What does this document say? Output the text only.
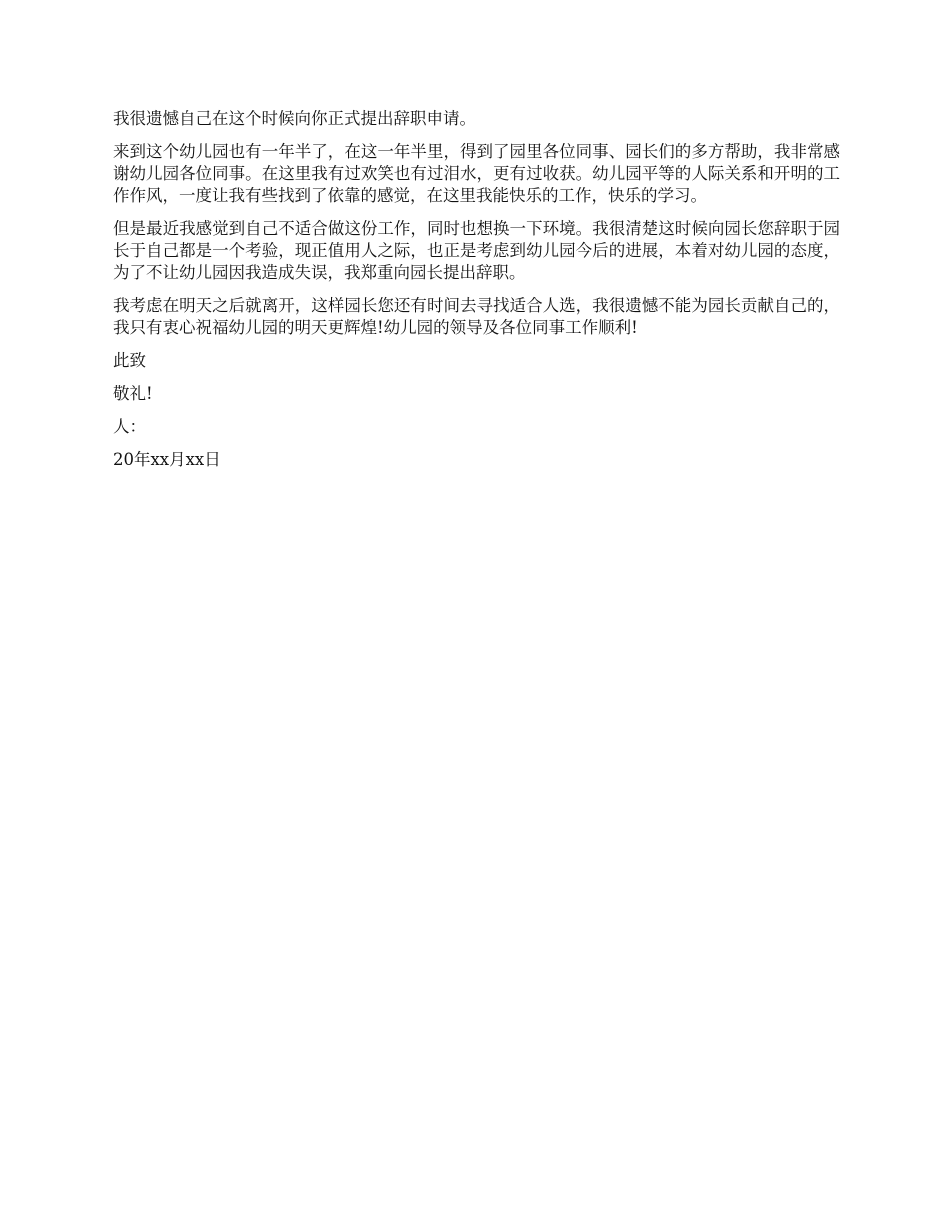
我很遗憾自己在这个时候向你正式提出辞职申请。

来到这个幼儿园也有一年半了，在这一年半里，得到了园里各位同事、园长们的多方帮助，我非常感谢幼儿园各位同事。在这里我有过欢笑也有过泪水，更有过收获。幼儿园平等的人际关系和开明的工作作风，一度让我有些找到了依靠的感觉，在这里我能快乐的工作，快乐的学习。

但是最近我感觉到自己不适合做这份工作，同时也想换一下环境。我很清楚这时候向园长您辞职于园长于自己都是一个考验，现正值用人之际，也正是考虑到幼儿园今后的进展，本着对幼儿园的态度，为了不让幼儿园因我造成失误，我郑重向园长提出辞职。

我考虑在明天之后就离开，这样园长您还有时间去寻找适合人选，我很遗憾不能为园长贡献自己的，我只有衷心祝福幼儿园的明天更辉煌!幼儿园的领导及各位同事工作顺利!

此致

敬礼!

人：

20年xx月xx日
